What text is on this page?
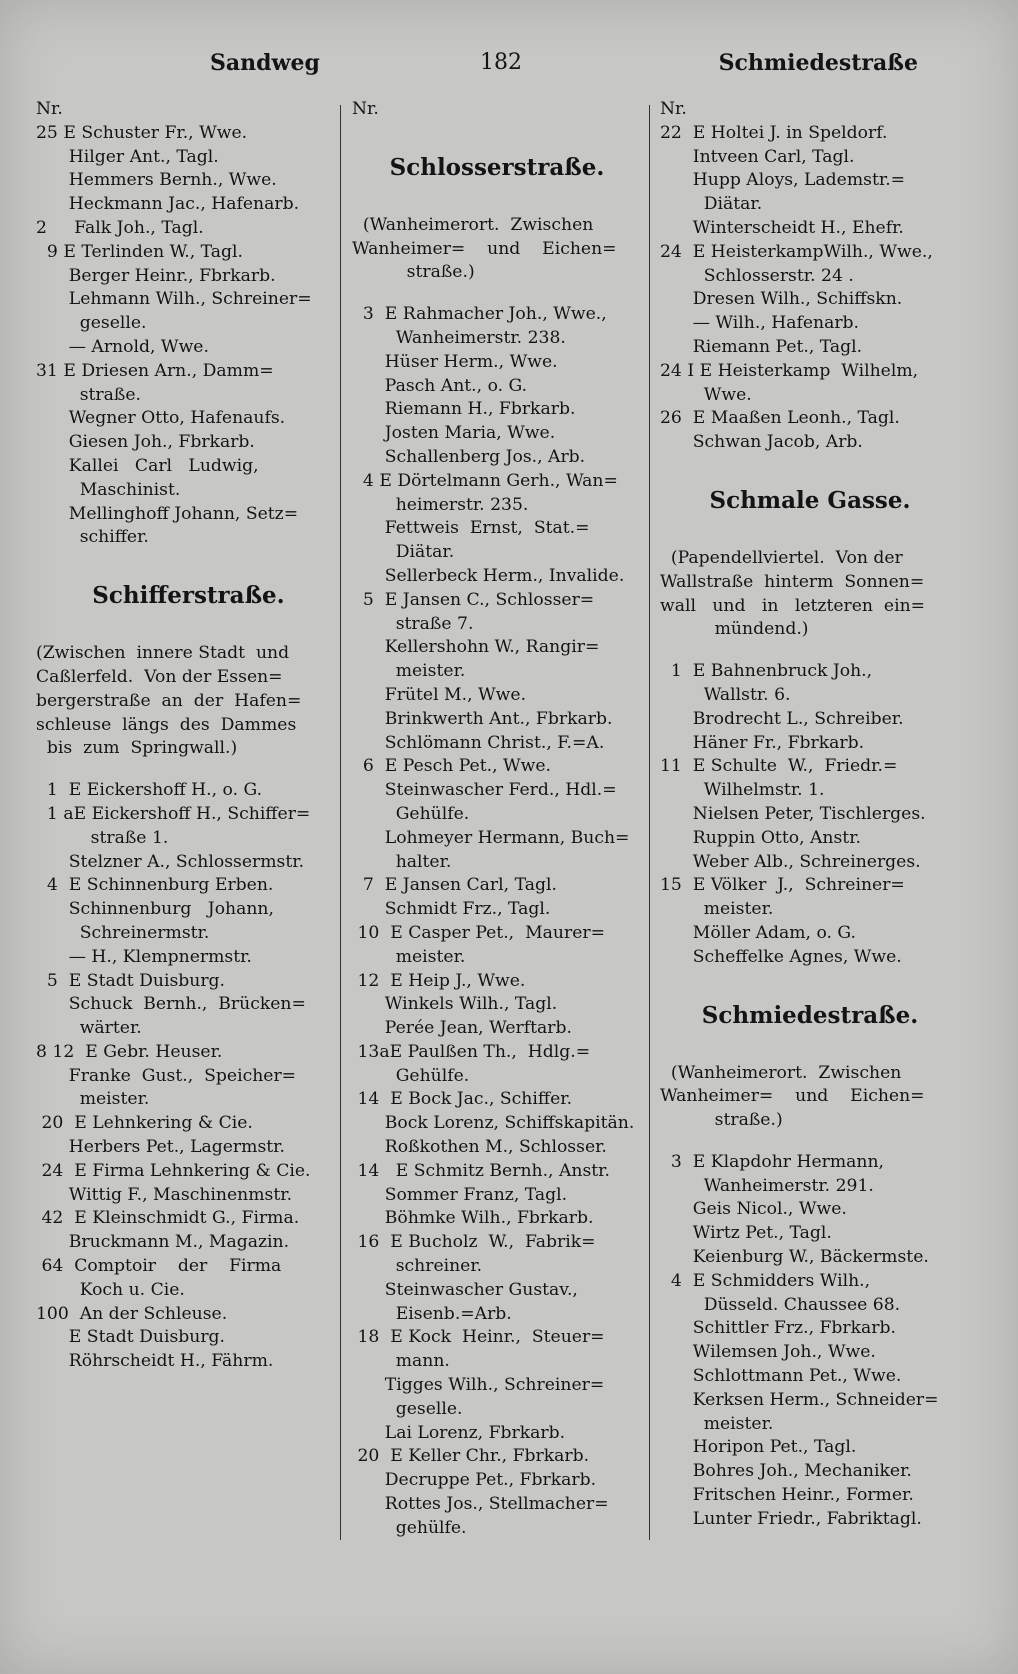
Sandweg	182	Schmiedestraße
Nr.
25 E Schuster Fr., Wwe.
Hilger Ant., Tagl.
Hemmers Bernh., Wwe.
Heckmann Jac., Hafenarb.
2     Falk Joh., Tagl.
9 E Terlinden W., Tagl.
Berger Heinr., Fbrkarb.
Lehmann Wilh., Schreiner=
geselle.
— Arnold, Wwe.
31 E Driesen Arn., Damm=
straße.
Wegner Otto, Hafenaufs.
Giesen Joh., Fbrkarb.
Kallei   Carl   Ludwig,
Maschinist.
Mellinghoff Johann, Setz=
schiffer.
Schifferstraße.
(Zwischen  innere Stadt  und
Caßlerfeld.  Von der Essen=
bergerstraße  an  der  Hafen=
schleuse  längs  des  Dammes
bis  zum  Springwall.)
1  E Eickershoff H., o. G.
1 aE Eickershoff H., Schiffer=
straße 1.
Stelzner A., Schlossermstr.
4  E Schinnenburg Erben.
Schinnenburg   Johann,
Schreinermstr.
— H., Klempnermstr.
5  E Stadt Duisburg.
Schuck  Bernh.,  Brücken=
wärter.
8 12  E Gebr. Heuser.
Franke  Gust.,  Speicher=
meister.
20  E Lehnkering & Cie.
Herbers Pet., Lagermstr.
24  E Firma Lehnkering & Cie.
Wittig F., Maschinenmstr.
42  E Kleinschmidt G., Firma.
Bruckmann M., Magazin.
64  Comptoir    der    Firma
Koch u. Cie.
100  An der Schleuse.
E Stadt Duisburg.
Röhrscheidt H., Fährm.
Nr.
Schlosserstraße.
(Wanheimerort.  Zwischen
Wanheimer=    und    Eichen=
straße.)
3  E Rahmacher Joh., Wwe.,
Wanheimerstr. 238.
Hüser Herm., Wwe.
Pasch Ant., o. G.
Riemann H., Fbrkarb.
Josten Maria, Wwe.
Schallenberg Jos., Arb.
4 E Dörtelmann Gerh., Wan=
heimerstr. 235.
Fettweis  Ernst,  Stat.=
Diätar.
Sellerbeck Herm., Invalide.
5  E Jansen C., Schlosser=
straße 7.
Kellershohn W., Rangir=
meister.
Frütel M., Wwe.
Brinkwerth Ant., Fbrkarb.
Schlömann Christ., F.=A.
6  E Pesch Pet., Wwe.
Steinwascher Ferd., Hdl.=
Gehülfe.
Lohmeyer Hermann, Buch=
halter.
7  E Jansen Carl, Tagl.
Schmidt Frz., Tagl.
10  E Casper Pet.,  Maurer=
meister.
12  E Heip J., Wwe.
Winkels Wilh., Tagl.
Perée Jean, Werftarb.
13aE Paulßen Th.,  Hdlg.=
Gehülfe.
14  E Bock Jac., Schiffer.
Bock Lorenz, Schiffskapitän.
Roßkothen M., Schlosser.
14   E Schmitz Bernh., Anstr.
Sommer Franz, Tagl.
Böhmke Wilh., Fbrkarb.
16  E Bucholz  W.,  Fabrik=
schreiner.
Steinwascher Gustav.,
Eisenb.=Arb.
18  E Kock  Heinr.,  Steuer=
mann.
Tigges Wilh., Schreiner=
geselle.
Lai Lorenz, Fbrkarb.
20  E Keller Chr., Fbrkarb.
Decruppe Pet., Fbrkarb.
Rottes Jos., Stellmacher=
gehülfe.
Nr.
22  E Holtei J. in Speldorf.
Intveen Carl, Tagl.
Hupp Aloys, Lademstr.=
Diätar.
Winterscheidt H., Ehefr.
24  E HeisterkampWilh., Wwe.,
Schlosserstr. 24 .
Dresen Wilh., Schiffskn.
— Wilh., Hafenarb.
Riemann Pet., Tagl.
24 I E Heisterkamp  Wilhelm,
Wwe.
26  E Maaßen Leonh., Tagl.
Schwan Jacob, Arb.
Schmale Gasse.
(Papendellviertel.  Von der
Wallstraße  hinterm  Sonnen=
wall   und   in   letzteren  ein=
mündend.)
1  E Bahnenbruck Joh.,
Wallstr. 6.
Brodrecht L., Schreiber.
Häner Fr., Fbrkarb.
11  E Schulte  W.,  Friedr.=
Wilhelmstr. 1.
Nielsen Peter, Tischlerges.
Ruppin Otto, Anstr.
Weber Alb., Schreinerges.
15  E Völker  J.,  Schreiner=
meister.
Möller Adam, o. G.
Scheffelke Agnes, Wwe.
Schmiedestraße.
(Wanheimerort.  Zwischen
Wanheimer=    und    Eichen=
straße.)
3  E Klapdohr Hermann,
Wanheimerstr. 291.
Geis Nicol., Wwe.
Wirtz Pet., Tagl.
Keienburg W., Bäckermste.
4  E Schmidders Wilh.,
Düsseld. Chaussee 68.
Schittler Frz., Fbrkarb.
Wilemsen Joh., Wwe.
Schlottmann Pet., Wwe.
Kerksen Herm., Schneider=
meister.
Horipon Pet., Tagl.
Bohres Joh., Mechaniker.
Fritschen Heinr., Former.
Lunter Friedr., Fabriktagl.
